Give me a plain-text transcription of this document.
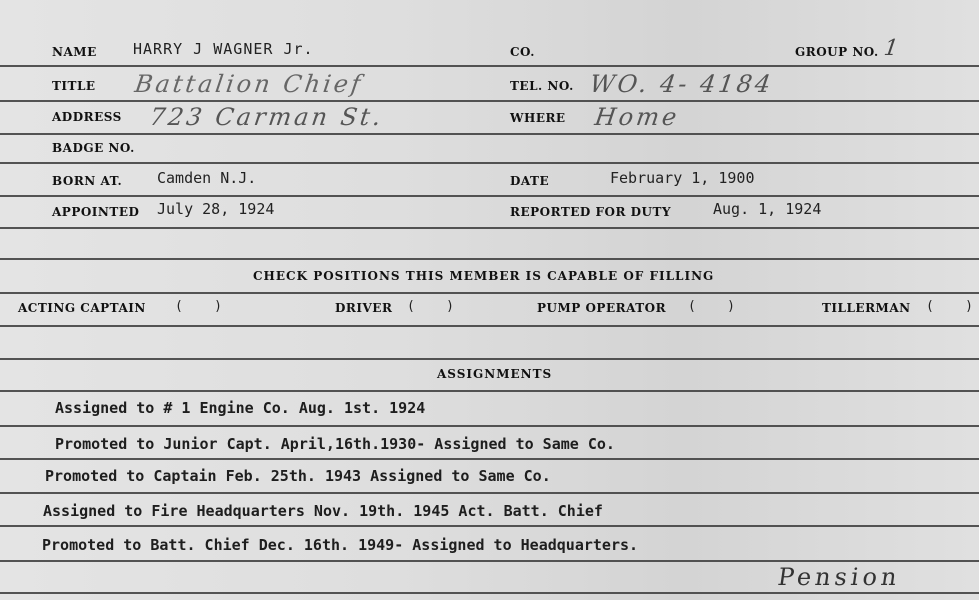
NAME HARRY J WAGNER Jr.	CO.	GROUP NO. 1
TITLE Battalion Chief	TEL. NO. WO. 4- 4184
ADDRESS 723 Carman St.	WHERE Home
BADGE NO.
BORN AT. Camden N.J.	DATE	February 1, 1900
APPOINTED July 28, 1924	REPORTED FOR DUTY	Aug. 1, 1924
CHECK POSITIONS THIS MEMBER IS CAPABLE OF FILLING
ACTING CAPTAIN (    )	DRIVER (    )	PUMP OPERATOR (    )	TILLERMAN (    )
ASSIGNMENTS
Assigned to # 1 Engine Co. Aug. 1st. 1924
Promoted to Junior Capt. April,16th.1930- Assigned to Same Co.
Promoted to Captain Feb. 25th. 1943 Assigned to Same Co.
Assigned to Fire Headquarters Nov. 19th. 1945 Act. Batt. Chief
Promoted to Batt. Chief Dec. 16th. 1949- Assigned to Headquarters.
Pension
